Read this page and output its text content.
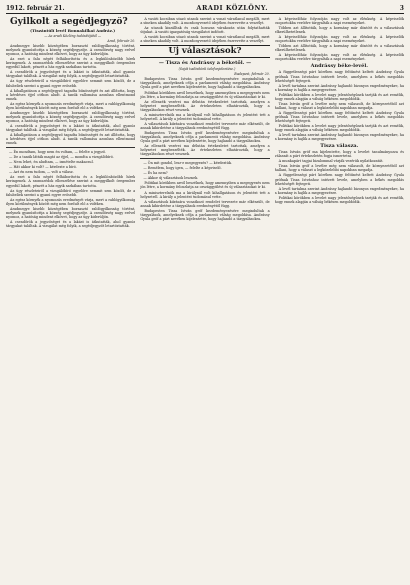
1912. február 21.	ARADI KÖZLÖNY.	3

Gyilkolt a segédjegyző?

(Tiszántúlí levél Bonnakilkai Andráz.)

— Az aradi Közlöny tudósítójától —

Arad, február 20.

Aradmegye kisebb községében borzasztó rablógyilkosság történt, melynek gyanúsítottja a község segédjegyzője. A csendőrség nagy erővel nyomoz, a hatóság mindent elkövet, hogy az ügy kiderüljön.

Az eset a falu népét felháborította és a legkülönbözőbb hírek keringenek. A szomszédok elbeszélése szerint a meggyilkolt öregember egyedül lakott, pénzét a ház egyik sarkában tartotta.

A csendőrök a jegyzőséget és a lakást is átkutatták, ahol gyanús tárgyakat találtak. A vizsgálat még folyik, a segédjegyzőt letartóztatták.

Az ügy részleteiről a vizsgálóbíró egyelőre semmit sem közölt, de a falubeliek szerint a gyanú egyre erősebb.

A kihallgatáson a segédjegyző tagadta bűnösségét és azt állította, hogy a kérdéses éjjel otthon aludt. A tanúk vallomása azonban ellentmond ennek.

Az egész környék a nyomozás eredményét várja, mert a rablógyilkosság ilyen körülmények között még nem fordult elő a vidéken.

Aradmegye kisebb községében borzasztó rablógyilkosság történt, melynek gyanúsítottja a község segédjegyzője. A csendőrség nagy erővel nyomoz, a hatóság mindent elkövet, hogy az ügy kiderüljön.

A csendőrök a jegyzőséget és a lakást is átkutatták, ahol gyanús tárgyakat találtak. A vizsgálat még folyik, a segédjegyzőt letartóztatták.

A kihallgatáson a segédjegyző tagadta bűnösségét és azt állította, hogy a kérdéses éjjel otthon aludt. A tanúk vallomása azonban ellentmond ennek.

— Én mondtam, hogy nem én voltam, — felelte a jegyző.

— De a tanúk látták magát az éjjel, — mondta a vizsgálóbíró.

— Nem lehet, én aludtam, — ismételte makacsul.

— Hát akkor ki volt? — kérdezte a bíró.

— Azt én nem tudom, — volt a válasz.

Az eset a falu népét felháborította és a legkülönbözőbb hírek keringenek. A szomszédok elbeszélése szerint a meggyilkolt öregember egyedül lakott, pénzét a ház egyik sarkában tartotta.

Az ügy részleteiről a vizsgálóbíró egyelőre semmit sem közölt, de a falubeliek szerint a gyanú egyre erősebb.

Az egész környék a nyomozás eredményét várja, mert a rablógyilkosság ilyen körülmények között még nem fordult elő a vidéken.

Aradmegye kisebb községében borzasztó rablógyilkosság történt, melynek gyanúsítottja a község segédjegyzője. A csendőrség nagy erővel nyomoz, a hatóság mindent elkövet, hogy az ügy kiderüljön.

A csendőrök a jegyzőséget és a lakást is átkutatták, ahol gyanús tárgyakat találtak. A vizsgálat még folyik, a segédjegyzőt letartóztatták.

A vasúti kocsiban utazó utasok szerint a vonat váratlanul megállt, mert a síneken akadály volt. A mozdonyvezető idejében észrevette a veszélyt.

Az utasok kiszálltak és csak hosszas várakozás után folytathatták útjukat. A vasúti igazgatóság vizsgálatot indított.

A vasúti kocsiban utazó utasok szerint a vonat váratlanul megállt, mert a síneken akadály volt. A mozdonyvezető idejében észrevette a veszélyt.

Uj választások?
— Tisza és Andrássy a béketől. —

(Saját tudósítónk telefonjelentése.)

Budapest, február 20.

Budapesten Tisza István gróf kezdeményezésére megindultak a tárgyalások, amelyeknek célja a parlamenti válság megoldása. Andrássy Gyula gróf a párt nevében kijelentette, hogy hajlandó a tárgyalásokra.

Politikai körökben arról beszélnek, hogy amennyiben a megegyezés nem jön létre, a kormány feloszlatja az országgyűlést és új választásokat ír ki.

Az ellenzék vezérei ma délután értekezletet tartottak, amelyen a helyzetet megbeszélték. Az értekezleten elhatározták, hogy a tárgyalásokon részt vesznek.

A miniszterelnök ma a királynál volt kihallgatáson és jelentést tett a helyzetről. A király a jelentést tudomásul vette.

A választások kiírására vonatkozó rendelet tervezete már elkészült, de annak kihirdetése a tárgyalások eredményétől függ.

Budapesten Tisza István gróf kezdeményezésére megindultak a tárgyalások, amelyeknek célja a parlamenti válság megoldása. Andrássy Gyula gróf a párt nevében kijelentette, hogy hajlandó a tárgyalásokra.

Az ellenzék vezérei ma délután értekezletet tartottak, amelyen a helyzetet megbeszélték. Az értekezleten elhatározták, hogy a tárgyalásokon részt vesznek.

— Ön mit gondol, lesz-e megegyezés? — kérdeztük.

— Remélem, hogy igen, — felelte a képviselő.

— És ha nem?

— Akkor új választások lesznek.

Politikai körökben arról beszélnek, hogy amennyiben a megegyezés nem jön létre, a kormány feloszlatja az országgyűlést és új választásokat ír ki.

A miniszterelnök ma a királynál volt kihallgatáson és jelentést tett a helyzetről. A király a jelentést tudomásul vette.

A választások kiírására vonatkozó rendelet tervezete már elkészült, de annak kihirdetése a tárgyalások eredményétől függ.

Budapesten Tisza István gróf kezdeményezésére megindultak a tárgyalások, amelyeknek célja a parlamenti válság megoldása. Andrássy Gyula gróf a párt nevében kijelentette, hogy hajlandó a tárgyalásokra.

A képviselőház folyosóján nagy volt az élénkség. A képviselők csoportokba verődve tárgyalták a napi eseményeket.

Többen azt állították, hogy a kormány már döntött és a választások elkerülhetetlenek.

A képviselőház folyosóján nagy volt az élénkség. A képviselők csoportokba verődve tárgyalták a napi eseményeket.

Többen azt állították, hogy a kormány már döntött és a választások elkerülhetetlenek.

A képviselőház folyosóján nagy volt az élénkség. A képviselők csoportokba verődve tárgyalták a napi eseményeket.

Andrássy béke-levél.

A függetlenségi párt körében nagy feltűnést keltett Andrássy Gyula grófnak Tisza Istvánhoz intézett levele, amelyben a békés megoldás lehetőségét fejtegeti.

A levél tartalma szerint Andrássy hajlandó bizonyos engedményekre, ha a kormány is hajlik a megegyezésre.

Politikai körökben a levelet nagy jelentőségűnek tartják és azt remélik, hogy ennek alapján a válság békésen megoldódik.

Tisza István gróf a levélre még nem válaszolt, de környezetéből azt hallani, hogy a választ a legközelebbi napokban megadja.

A függetlenségi párt körében nagy feltűnést keltett Andrássy Gyula grófnak Tisza Istvánhoz intézett levele, amelyben a békés megoldás lehetőségét fejtegeti.

Politikai körökben a levelet nagy jelentőségűnek tartják és azt remélik, hogy ennek alapján a válság békésen megoldódik.

A levél tartalma szerint Andrássy hajlandó bizonyos engedményekre, ha a kormány is hajlik a megegyezésre.

Tisza válasza.

Tisza István gróf ma kijelentette, hogy a levelet tanulmányozza és válaszát a párt értekezletén fogja ismertetni.

A munkapárt tagjai bizalommal várják vezérük nyilatkozatát.

Tisza István gróf a levélre még nem válaszolt, de környezetéből azt hallani, hogy a választ a legközelebbi napokban megadja.

A függetlenségi párt körében nagy feltűnést keltett Andrássy Gyula grófnak Tisza Istvánhoz intézett levele, amelyben a békés megoldás lehetőségét fejtegeti.

A levél tartalma szerint Andrássy hajlandó bizonyos engedményekre, ha a kormány is hajlik a megegyezésre.

Politikai körökben a levelet nagy jelentőségűnek tartják és azt remélik, hogy ennek alapján a válság békésen megoldódik.
